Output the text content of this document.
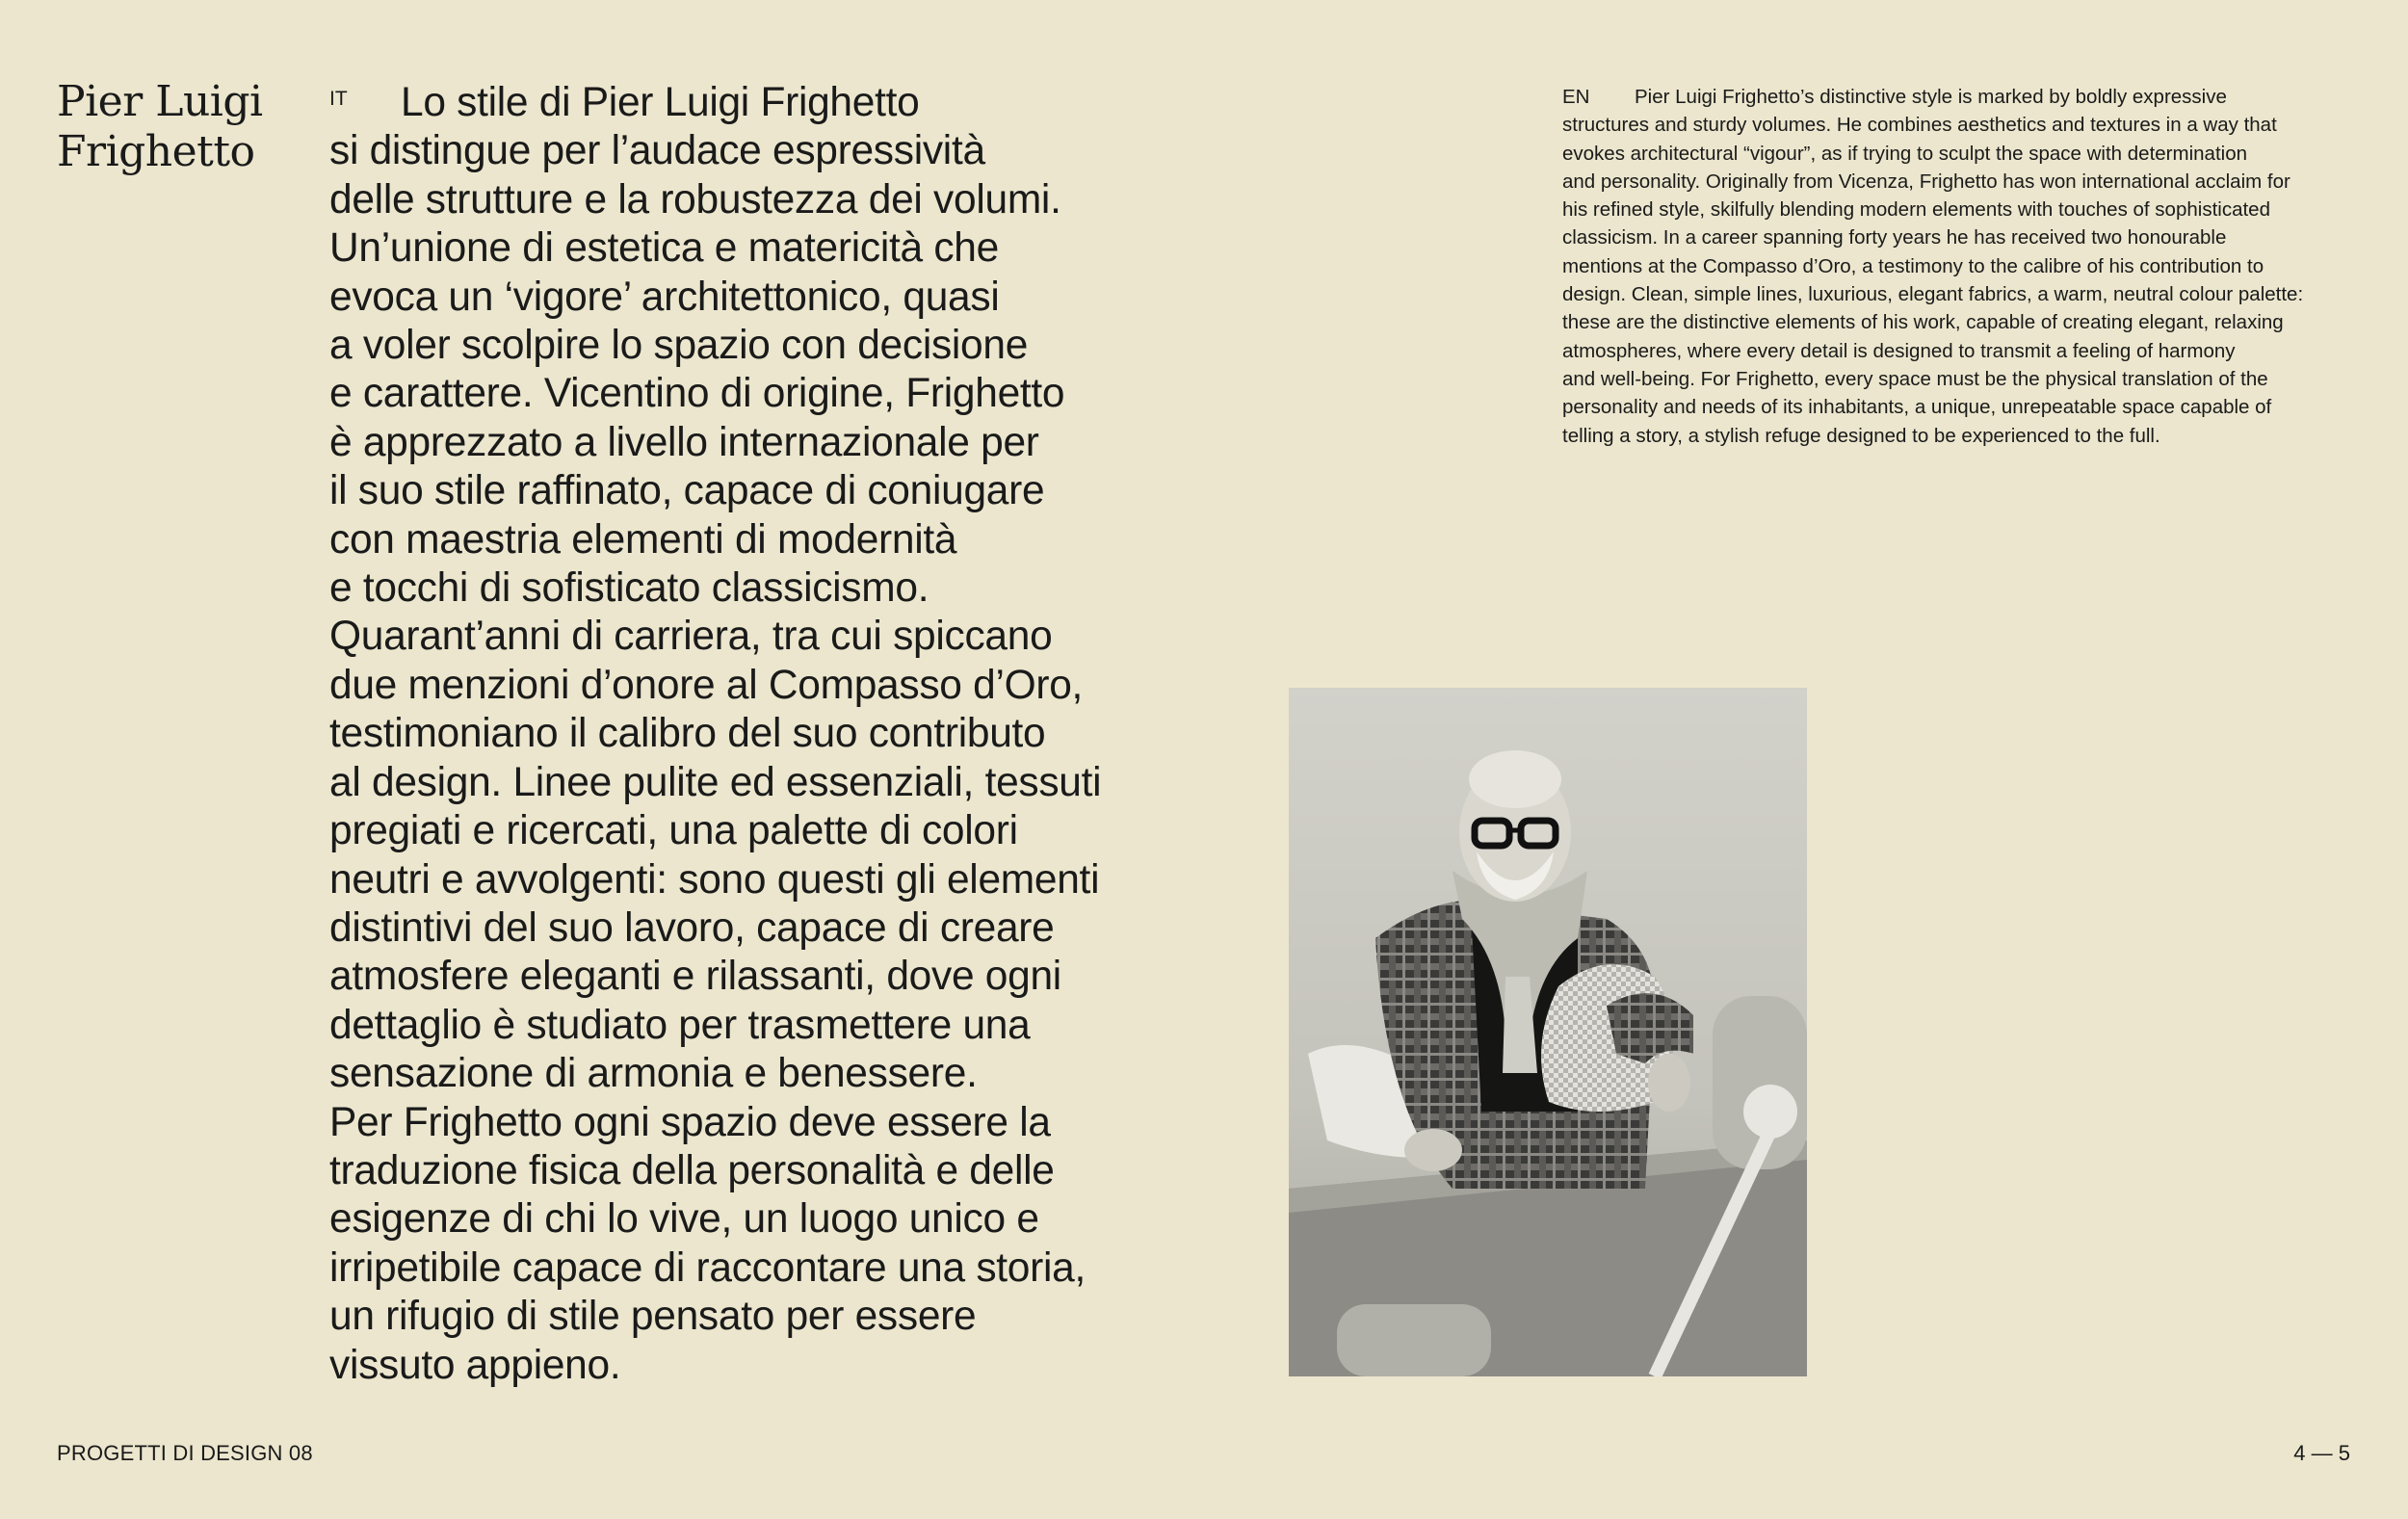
Pier Luigi
Frighetto
IT	Lo stile di Pier Luigi Frighetto
si distingue per l’audace espressività
delle strutture e la robustezza dei volumi.
Un’unione di estetica e matericità che
evoca un ‘vigore’ architettonico, quasi
a voler scolpire lo spazio con decisione
e carattere. Vicentino di origine, Frighetto
è apprezzato a livello internazionale per
il suo stile raffinato, capace di coniugare
con maestria elementi di modernità
e tocchi di sofisticato classicismo.
Quarant’anni di carriera, tra cui spiccano
due menzioni d’onore al Compasso d’Oro,
testimoniano il calibro del suo contributo
al design. Linee pulite ed essenziali, tessuti
pregiati e ricercati, una palette di colori
neutri e avvolgenti: sono questi gli elementi
distintivi del suo lavoro, capace di creare
atmosfere eleganti e rilassanti, dove ogni
dettaglio è studiato per trasmettere una
sensazione di armonia e benessere.
Per Frighetto ogni spazio deve essere la
traduzione fisica della personalità e delle
esigenze di chi lo vive, un luogo unico e
irripetibile capace di raccontare una storia,
un rifugio di stile pensato per essere
vissuto appieno.
EN	Pier Luigi Frighetto’s distinctive style is marked by boldly expressive
structures and sturdy volumes. He combines aesthetics and textures in a way that
evokes architectural “vigour”, as if trying to sculpt the space with determination
and personality. Originally from Vicenza, Frighetto has won international acclaim for
his refined style, skilfully blending modern elements with touches of sophisticated
classicism. In a career spanning forty years he has received two honourable
mentions at the Compasso d’Oro, a testimony to the calibre of his contribution to
design. Clean, simple lines, luxurious, elegant fabrics, a warm, neutral colour palette:
these are the distinctive elements of his work, capable of creating elegant, relaxing
atmospheres, where every detail is designed to transmit a feeling of harmony
and well-being. For Frighetto, every space must be the physical translation of the
personality and needs of its inhabitants, a unique, unrepeatable space capable of
telling a story, a stylish refuge designed to be experienced to the full.
PROGETTI DI DESIGN 08	4 — 5
